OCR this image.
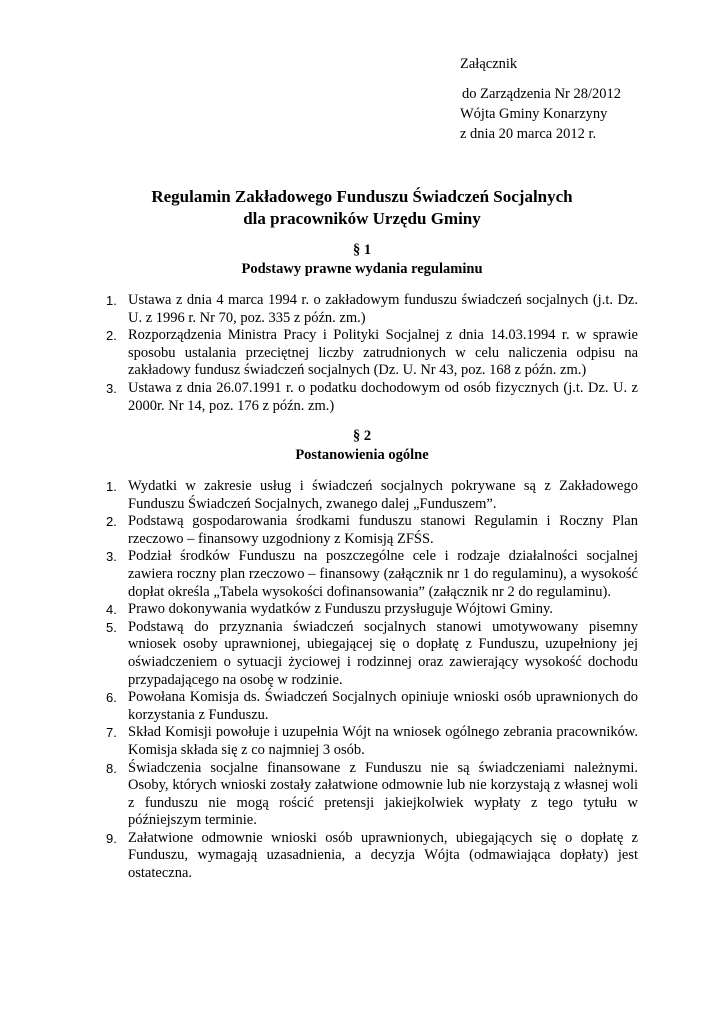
Załącznik
do Zarządzenia Nr 28/2012
Wójta Gminy Konarzyny
z dnia 20 marca 2012 r.
Regulamin Zakładowego Funduszu Świadczeń Socjalnych
dla pracowników Urzędu Gminy
§ 1
Podstawy prawne wydania regulaminu
1. Ustawa z dnia 4 marca 1994 r. o zakładowym funduszu świadczeń socjalnych (j.t. Dz. U. z 1996 r. Nr 70, poz. 335 z późn. zm.)
2. Rozporządzenia Ministra Pracy i Polityki Socjalnej z dnia 14.03.1994 r. w sprawie sposobu ustalania przeciętnej liczby zatrudnionych w celu naliczenia odpisu na zakładowy fundusz świadczeń socjalnych (Dz. U. Nr 43, poz. 168 z późn. zm.)
3. Ustawa z dnia 26.07.1991 r. o podatku dochodowym od osób fizycznych (j.t. Dz. U. z 2000r. Nr 14, poz. 176 z późn. zm.)
§ 2
Postanowienia ogólne
1. Wydatki w zakresie usług i świadczeń socjalnych pokrywane są z Zakładowego Funduszu Świadczeń Socjalnych, zwanego dalej „Funduszem”.
2. Podstawą gospodarowania środkami funduszu stanowi Regulamin i Roczny Plan rzeczowo – finansowy uzgodniony z Komisją ZFŚS.
3. Podział środków Funduszu na poszczególne cele i rodzaje działalności socjalnej zawiera roczny plan rzeczowo – finansowy (załącznik nr 1 do regulaminu), a wysokość dopłat określa „Tabela wysokości dofinansowania” (załącznik nr 2 do regulaminu).
4. Prawo dokonywania wydatków z Funduszu przysługuje Wójtowi Gminy.
5. Podstawą do przyznania świadczeń socjalnych stanowi umotywowany pisemny wniosek osoby uprawnionej, ubiegającej się o dopłatę z Funduszu, uzupełniony jej oświadczeniem o sytuacji życiowej i rodzinnej oraz zawierający wysokość dochodu przypadającego na osobę w rodzinie.
6. Powołana Komisja ds. Świadczeń Socjalnych opiniuje wnioski osób uprawnionych do korzystania z Funduszu.
7. Skład Komisji powołuje i uzupełnia Wójt na wniosek ogólnego zebrania pracowników. Komisja składa się z co najmniej 3 osób.
8. Świadczenia socjalne finansowane z Funduszu nie są świadczeniami należnymi. Osoby, których wnioski zostały załatwione odmownie lub nie korzystają z własnej woli z funduszu nie mogą rościć pretensji jakiejkolwiek wypłaty z tego tytułu w późniejszym terminie.
9. Załatwione odmownie wnioski osób uprawnionych, ubiegających się o dopłatę z Funduszu, wymagają uzasadnienia, a decyzja Wójta (odmawiająca dopłaty) jest ostateczna.
